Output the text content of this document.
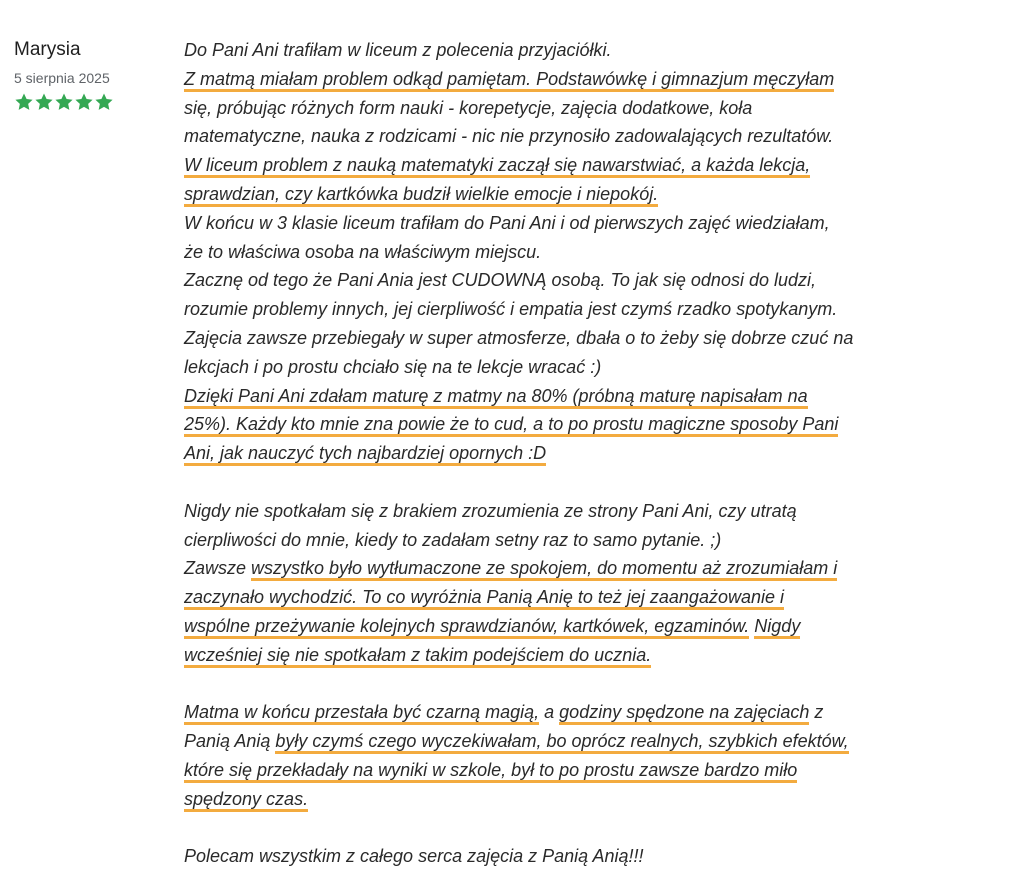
Marysia
5 sierpnia 2025
Do Pani Ani trafiłam w liceum z polecenia przyjaciółki.
Z matmą miałam problem odkąd pamiętam. Podstawówkę i gimnazjum męczyłam
się, próbując różnych form nauki - korepetycje, zajęcia dodatkowe, koła
matematyczne, nauka z rodzicami - nic nie przynosiło zadowalających rezultatów.
W liceum problem z nauką matematyki zaczął się nawarstwiać, a każda lekcja,
sprawdzian, czy kartkówka budził wielkie emocje i niepokój.
W końcu w 3 klasie liceum trafiłam do Pani Ani i od pierwszych zajęć wiedziałam,
że to właściwa osoba na właściwym miejscu.
Zacznę od tego że Pani Ania jest CUDOWNĄ osobą. To jak się odnosi do ludzi,
rozumie problemy innych, jej cierpliwość i empatia jest czymś rzadko spotykanym.
Zajęcia zawsze przebiegały w super atmosferze, dbała o to żeby się dobrze czuć na
lekcjach i po prostu chciało się na te lekcje wracać :)
Dzięki Pani Ani zdałam maturę z matmy na 80% (próbną maturę napisałam na
25%). Każdy kto mnie zna powie że to cud, a to po prostu magiczne sposoby Pani
Ani, jak nauczyć tych najbardziej opornych :D
Nigdy nie spotkałam się z brakiem zrozumienia ze strony Pani Ani, czy utratą
cierpliwości do mnie, kiedy to zadałam setny raz to samo pytanie. ;)
Zawsze wszystko było wytłumaczone ze spokojem, do momentu aż zrozumiałam i
zaczynało wychodzić. To co wyróżnia Panią Anię to też jej zaangażowanie i
wspólne przeżywanie kolejnych sprawdzianów, kartkówek, egzaminów. Nigdy
wcześniej się nie spotkałam z takim podejściem do ucznia.
Matma w końcu przestała być czarną magią, a godziny spędzone na zajęciach z
Panią Anią były czymś czego wyczekiwałam, bo oprócz realnych, szybkich efektów,
które się przekładały na wyniki w szkole, był to po prostu zawsze bardzo miło
spędzony czas.
Polecam wszystkim z całego serca zajęcia z Panią Anią!!!
